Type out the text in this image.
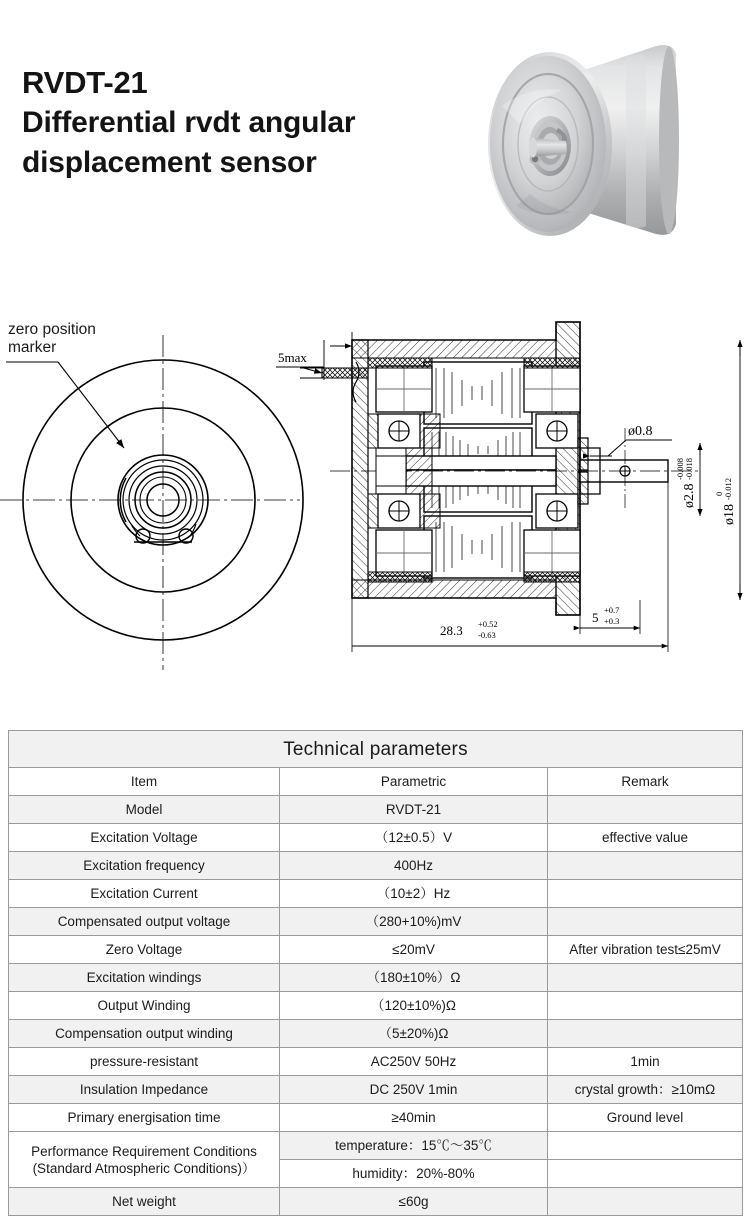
RVDT-21
Differential rvdt angular
displacement sensor
zero position
marker
5max
ø0.8
ø2.8
-0.008 -0.018
ø18
0 -0.012
28.3 +0.52
-0.63
5 +0.7
+0.3
Technical parameters		
Item	Parametric	Remark
Model	RVDT-21	
Excitation Voltage	（12±0.5）V	effective value
Excitation frequency	400Hz	
Excitation Current	（10±2）Hz	
Compensated output voltage	（280+10%)mV	
Zero Voltage	≤20mV	After vibration test≤25mV
Excitation windings	（180±10%）Ω	
Output Winding	（120±10%)Ω	
Compensation output winding	（5±20%)Ω	
pressure-resistant	AC250V 50Hz	1min
Insulation Impedance	DC 250V 1min	crystal growth：≥10mΩ
Primary energisation time	≥40min	Ground level

Performance Requirement Conditions
(Standard Atmospheric Conditions)）	temperature：15℃～35℃	
	humidity：20%-80%	
Net weight	≤60g	
